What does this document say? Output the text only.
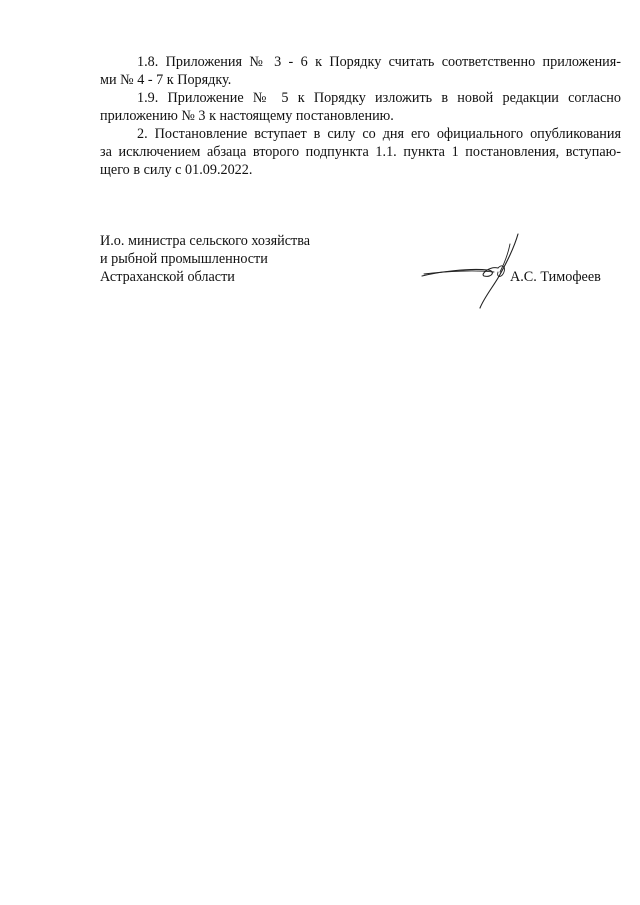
1.8. Приложения № 3 - 6 к Порядку считать соответственно приложения-
ми № 4 - 7 к Порядку.
1.9. Приложение № 5 к Порядку изложить в новой редакции согласно
приложению № 3 к настоящему постановлению.
2. Постановление вступает в силу со дня его официального опубликования
за исключением абзаца второго подпункта 1.1. пункта 1 постановления, вступаю-
щего в силу с 01.09.2022.
И.о. министра сельского хозяйства
и рыбной промышленности
Астраханской области	А.С. Тимофеев
